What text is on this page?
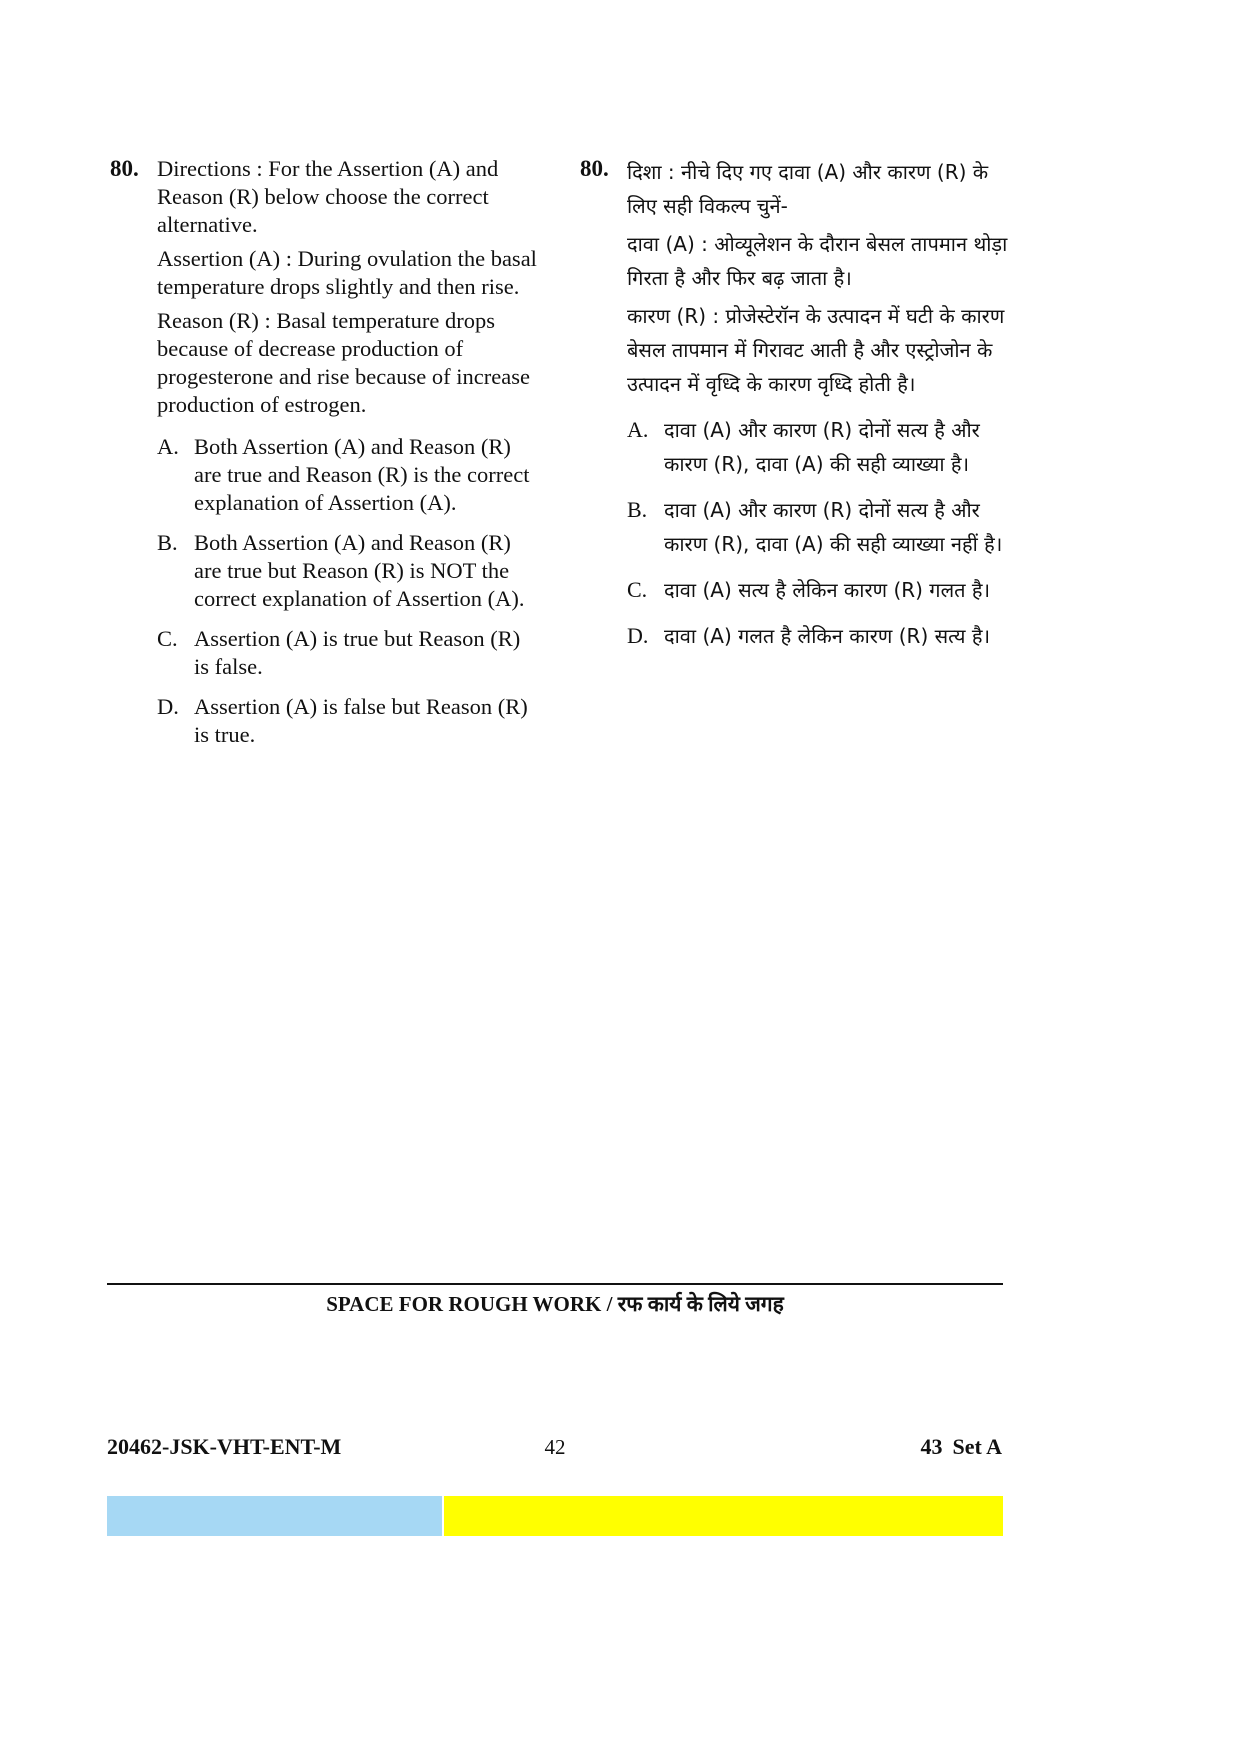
80. Directions : For the Assertion (A) and Reason (R) below choose the correct alternative.

Assertion (A) : During ovulation the basal temperature drops slightly and then rise.

Reason (R) : Basal temperature drops because of decrease production of progesterone and rise because of increase production of estrogen.

A. Both Assertion (A) and Reason (R) are true and Reason (R) is the correct explanation of Assertion (A).
B. Both Assertion (A) and Reason (R) are true but Reason (R) is NOT the correct explanation of Assertion (A).
C. Assertion (A) is true but Reason (R) is false.
D. Assertion (A) is false but Reason (R) is true.
80. दिशा : नीचे दिए गए दावा (A) और कारण (R) के लिए सही विकल्प चुनें-

दावा (A) : ओव्यूलेशन के दौरान बेसल तापमान थोड़ा गिरता है और फिर बढ़ जाता है।

कारण (R) : प्रोजेस्टेरॉन के उत्पादन में घटी के कारण बेसल तापमान में गिरावट आती है और एस्ट्रोजोन के उत्पादन में वृध्दि के कारण वृध्दि होती है।

A. दावा (A) और कारण (R) दोनों सत्य है और कारण (R), दावा (A) की सही व्याख्या है।
B. दावा (A) और कारण (R) दोनों सत्य है और कारण (R), दावा (A) की सही व्याख्या नहीं है।
C. दावा (A) सत्य है लेकिन कारण (R) गलत है।
D. दावा (A) गलत है लेकिन कारण (R) सत्य है।
SPACE FOR ROUGH WORK / रफ कार्य के लिये जगह
20462-JSK-VHT-ENT-M	42	43 Set A
